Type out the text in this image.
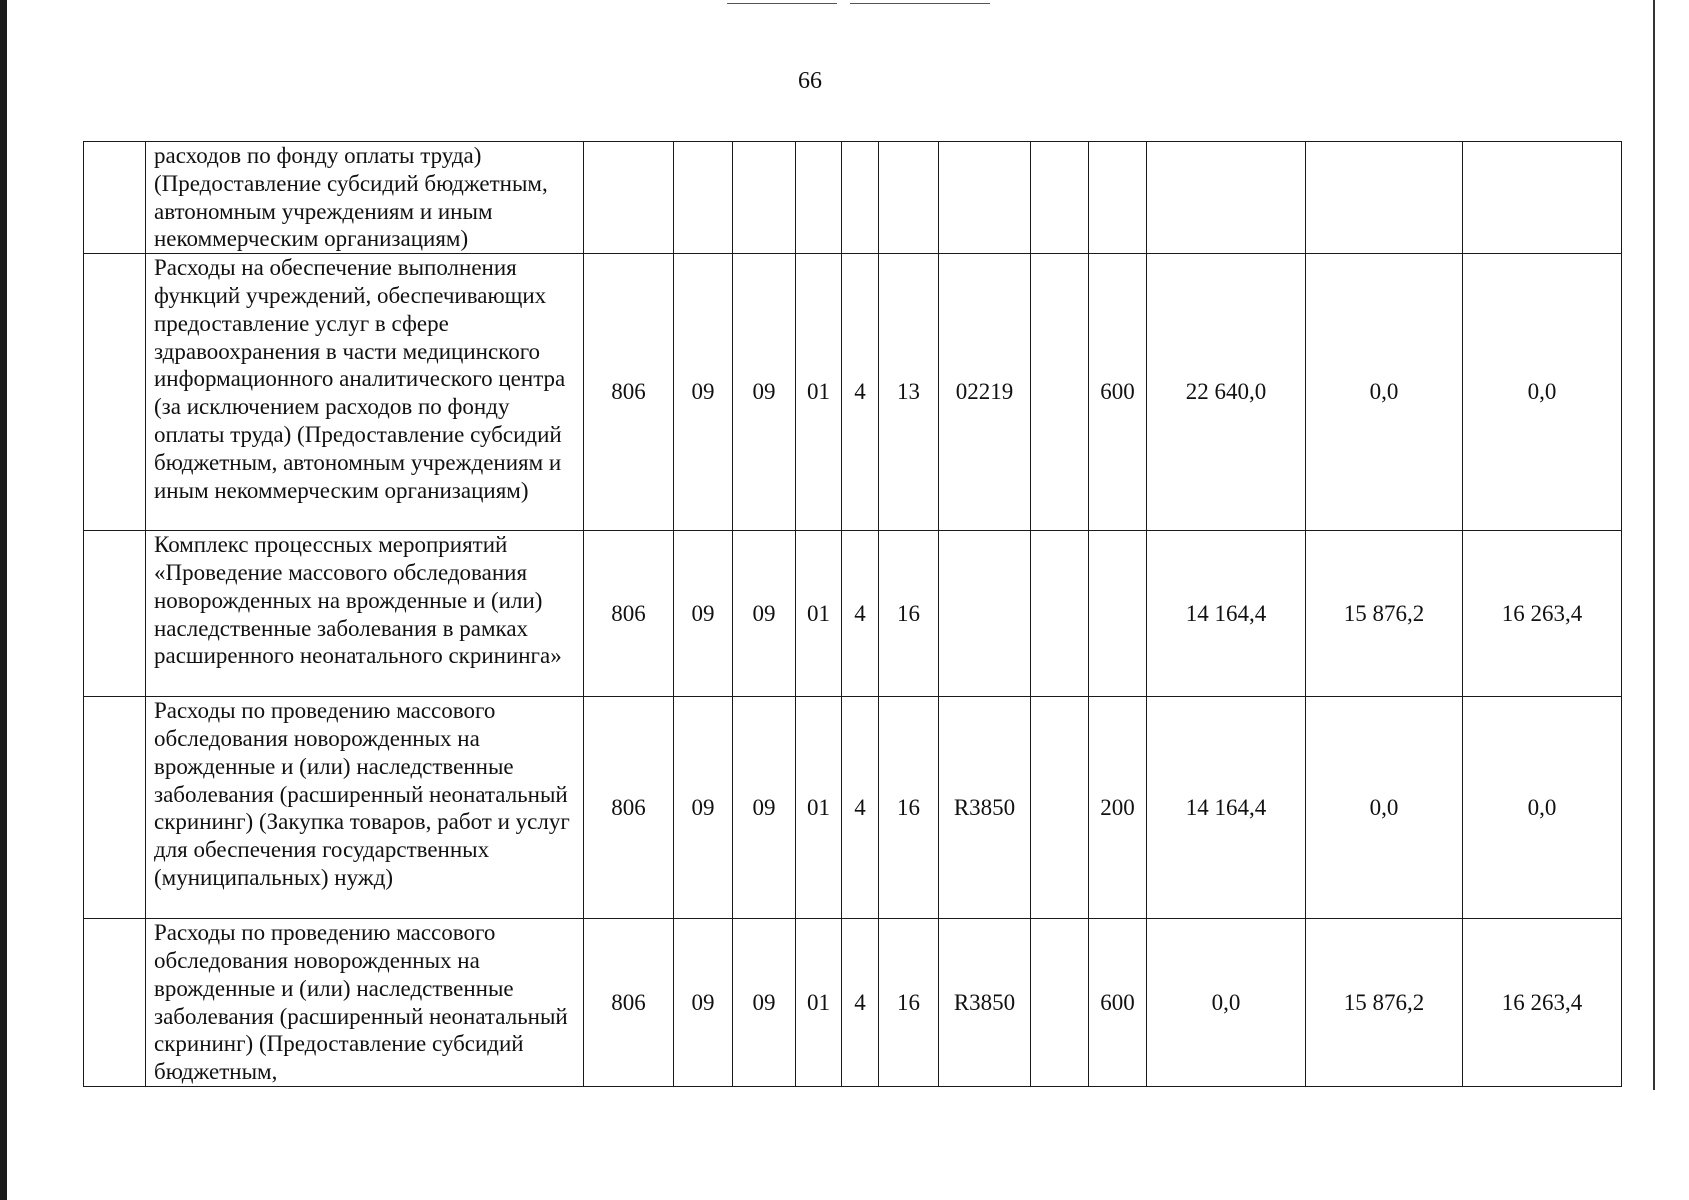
66
	расходов по фонду оплаты труда) (Предоставление субсидий бюджетным, автономным учреждениям и иным некоммерческим организациям)												
	Расходы на обеспечение выполнения функций учреждений, обеспечивающих предоставление услуг в сфере здравоохранения в части медицинского информационного аналитического центра (за исключением расходов по фонду оплаты труда) (Предоставление субсидий бюджетным, автономным учреждениям и иным некоммерческим организациям)	806	09	09	01	4	13	02219		600	22 640,0	0,0	0,0
	Комплекс процессных мероприятий «Проведение массового обследования новорожденных на врожденные и (или) наследственные заболевания в рамках расширенного неонатального скрининга»	806	09	09	01	4	16				14 164,4	15 876,2	16 263,4
	Расходы по проведению массового обследования новорожденных на врожденные и (или) наследственные заболевания (расширенный неонатальный скрининг) (Закупка товаров, работ и услуг для обеспечения государственных (муниципальных) нужд)	806	09	09	01	4	16	R3850		200	14 164,4	0,0	0,0
	Расходы по проведению массового обследования новорожденных на врожденные и (или) наследственные заболевания (расширенный неонатальный скрининг) (Предоставление субсидий бюджетным,	806	09	09	01	4	16	R3850		600	0,0	15 876,2	16 263,4
